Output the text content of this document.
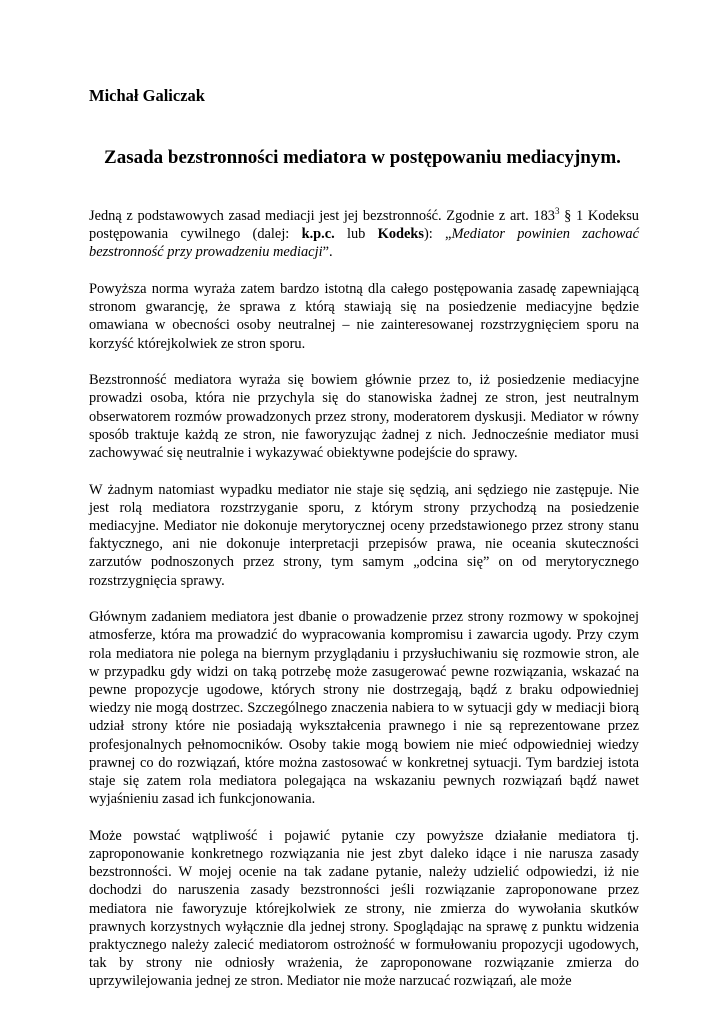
Michał Galiczak
Zasada bezstronności mediatora w postępowaniu mediacyjnym.

Jedną z podstawowych zasad mediacji jest jej bezstronność. Zgodnie z art. $183^3$ § 1 Kodeksu postępowania cywilnego (dalej: k.p.c. lub Kodeks): „Mediator powinien zachować bezstronność przy prowadzeniu mediacji”.

Powyższa norma wyraża zatem bardzo istotną dla całego postępowania zasadę zapewniającą stronom gwarancję, że sprawa z którą stawiają się na posiedzenie mediacyjne będzie omawiana w obecności osoby neutralnej – nie zainteresowanej rozstrzygnięciem sporu na korzyść którejkolwiek ze stron sporu.

Bezstronność mediatora wyraża się bowiem głównie przez to, iż posiedzenie mediacyjne prowadzi osoba, która nie przychyla się do stanowiska żadnej ze stron, jest neutralnym obserwatorem rozmów prowadzonych przez strony, moderatorem dyskusji. Mediator w równy sposób traktuje każdą ze stron, nie faworyzując żadnej z nich. Jednocześnie mediator musi zachowywać się neutralnie i wykazywać obiektywne podejście do sprawy.

W żadnym natomiast wypadku mediator nie staje się sędzią, ani sędziego nie zastępuje. Nie jest rolą mediatora rozstrzyganie sporu, z którym strony przychodzą na posiedzenie mediacyjne. Mediator nie dokonuje merytorycznej oceny przedstawionego przez strony stanu faktycznego, ani nie dokonuje interpretacji przepisów prawa, nie oceania skuteczności zarzutów podnoszonych przez strony, tym samym „odcina się” on od merytorycznego rozstrzygnięcia sprawy.

Głównym zadaniem mediatora jest dbanie o prowadzenie przez strony rozmowy w spokojnej atmosferze, która ma prowadzić do wypracowania kompromisu i zawarcia ugody. Przy czym rola mediatora nie polega na biernym przyglądaniu i przysłuchiwaniu się rozmowie stron, ale w przypadku gdy widzi on taką potrzebę może zasugerować pewne rozwiązania, wskazać na pewne propozycje ugodowe, których strony nie dostrzegają, bądź z braku odpowiedniej wiedzy nie mogą dostrzec. Szczególnego znaczenia nabiera to w sytuacji gdy w mediacji biorą udział strony które nie posiadają wykształcenia prawnego i nie są reprezentowane przez profesjonalnych pełnomocników. Osoby takie mogą bowiem nie mieć odpowiedniej wiedzy prawnej co do rozwiązań, które można zastosować w konkretnej sytuacji. Tym bardziej istota staje się zatem rola mediatora polegająca na wskazaniu pewnych rozwiązań bądź nawet wyjaśnieniu zasad ich funkcjonowania.

Może powstać wątpliwość i pojawić pytanie czy powyższe działanie mediatora tj. zaproponowanie konkretnego rozwiązania nie jest zbyt daleko idące i nie narusza zasady bezstronności. W mojej ocenie na tak zadane pytanie, należy udzielić odpowiedzi, iż nie dochodzi do naruszenia zasady bezstronności jeśli rozwiązanie zaproponowane przez mediatora nie faworyzuje którejkolwiek ze strony, nie zmierza do wywołania skutków prawnych korzystnych wyłącznie dla jednej strony. Spoglądając na sprawę z punktu widzenia praktycznego należy zalecić mediatorom ostrożność w formułowaniu propozycji ugodowych, tak by strony nie odniosły wrażenia, że zaproponowane rozwiązanie zmierza do uprzywilejowania jednej ze stron. Mediator nie może narzucać rozwiązań, ale może
